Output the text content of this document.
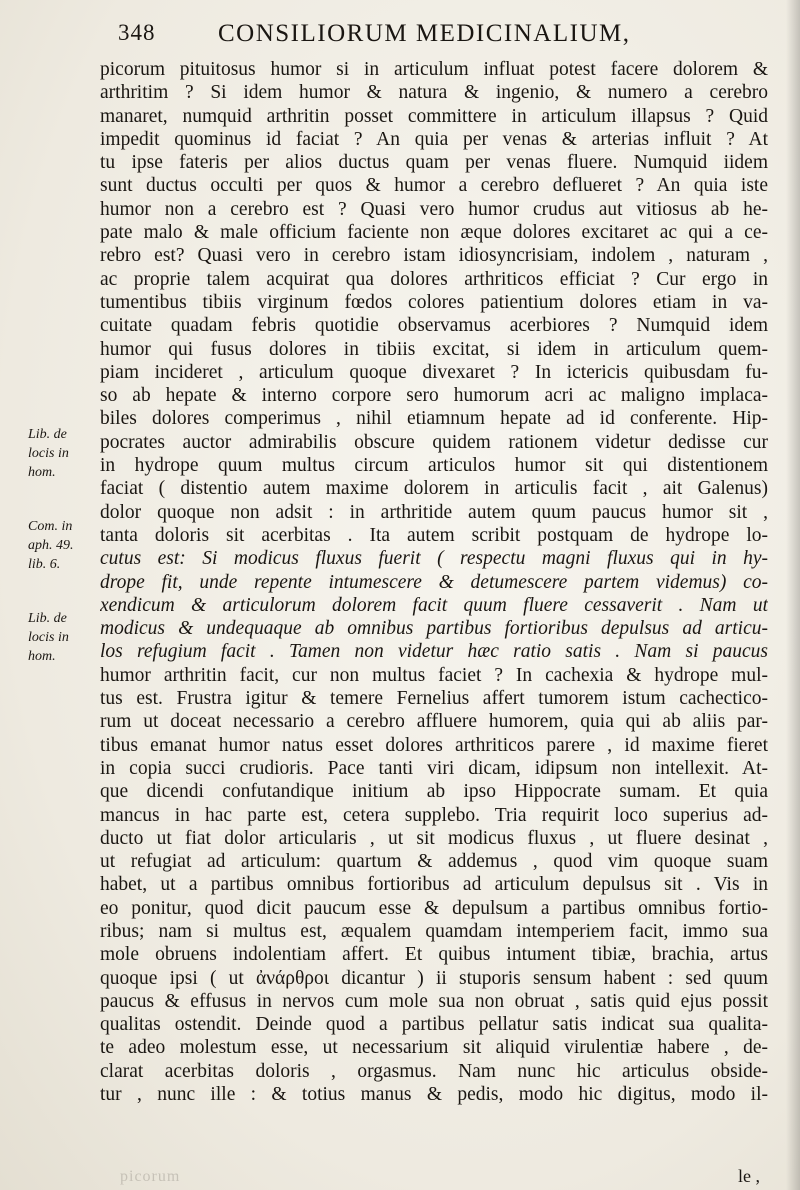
348	CONSILIORUM MEDICINALIUM,
Lib. de
locis in
hom.
Com. in
aph. 49.
lib. 6.
Lib. de
locis in
hom.
picorum pituitosus humor si in articulum influat potest facere dolorem &
arthritim ? Si idem humor & natura & ingenio, & numero a cerebro
manaret, numquid arthritin posset committere in articulum illapsus ? Quid
impedit quominus id faciat ? An quia per venas & arterias influit ? At
tu ipse fateris per alios ductus quam per venas fluere. Numquid iidem
sunt ductus occulti per quos & humor a cerebro deflueret ? An quia iste
humor non a cerebro est ? Quasi vero humor crudus aut vitiosus ab he-
pate malo & male officium faciente non æque dolores excitaret ac qui a ce-
rebro est? Quasi vero in cerebro istam idiosyncrisiam, indolem , naturam ,
ac proprie talem acquirat qua dolores arthriticos efficiat ? Cur ergo in
tumentibus tibiis virginum fœdos colores patientium dolores etiam in va-
cuitate quadam febris quotidie observamus acerbiores ? Numquid idem
humor qui fusus dolores in tibiis excitat, si idem in articulum quem-
piam incideret , articulum quoque divexaret ? In ictericis quibusdam fu-
so ab hepate & interno corpore sero humorum acri ac maligno implaca-
biles dolores comperimus , nihil etiamnum hepate ad id conferente. Hip-
pocrates auctor admirabilis obscure quidem rationem videtur dedisse cur
in hydrope quum multus circum articulos humor sit qui distentionem
faciat ( distentio autem maxime dolorem in articulis facit , ait Galenus)
dolor quoque non adsit : in arthritide autem quum paucus humor sit ,
tanta doloris sit acerbitas . Ita autem scribit postquam de hydrope lo-
cutus est: Si modicus fluxus fuerit ( respectu magni fluxus qui in hy-
drope fit, unde repente intumescere & detumescere partem videmus) co-
xendicum & articulorum dolorem facit quum fluere cessaverit . Nam ut
modicus & undequaque ab omnibus partibus fortioribus depulsus ad articu-
los refugium facit . Tamen non videtur hæc ratio satis . Nam si paucus
humor arthritin facit, cur non multus faciet ? In cachexia & hydrope mul-
tus est. Frustra igitur & temere Fernelius affert tumorem istum cachectico-
rum ut doceat necessario a cerebro affluere humorem, quia qui ab aliis par-
tibus emanat humor natus esset dolores arthriticos parere , id maxime fieret
in copia succi crudioris. Pace tanti viri dicam, idipsum non intellexit. At-
que dicendi confutandique initium ab ipso Hippocrate sumam. Et quia
mancus in hac parte est, cetera supplebo. Tria requirit loco superius ad-
ducto ut fiat dolor articularis , ut sit modicus fluxus , ut fluere desinat ,
ut refugiat ad articulum: quartum & addemus , quod vim quoque suam
habet, ut a partibus omnibus fortioribus ad articulum depulsus sit . Vis in
eo ponitur, quod dicit paucum esse & depulsum a partibus omnibus fortio-
ribus; nam si multus est, æqualem quamdam intemperiem facit, immo sua
mole obruens indolentiam affert. Et quibus intument tibiæ, brachia, artus
quoque ipsi ( ut ἀνάρθροι dicantur ) ii stuporis sensum habent : sed quum
paucus & effusus in nervos cum mole sua non obruat , satis quid ejus possit
qualitas ostendit. Deinde quod a partibus pellatur satis indicat sua qualita-
te adeo molestum esse, ut necessarium sit aliquid virulentiæ habere , de-
clarat acerbitas doloris , orgasmus. Nam nunc hic articulus obside-
tur , nunc ille : & totius manus & pedis, modo hic digitus, modo il-
picorum	le ,
